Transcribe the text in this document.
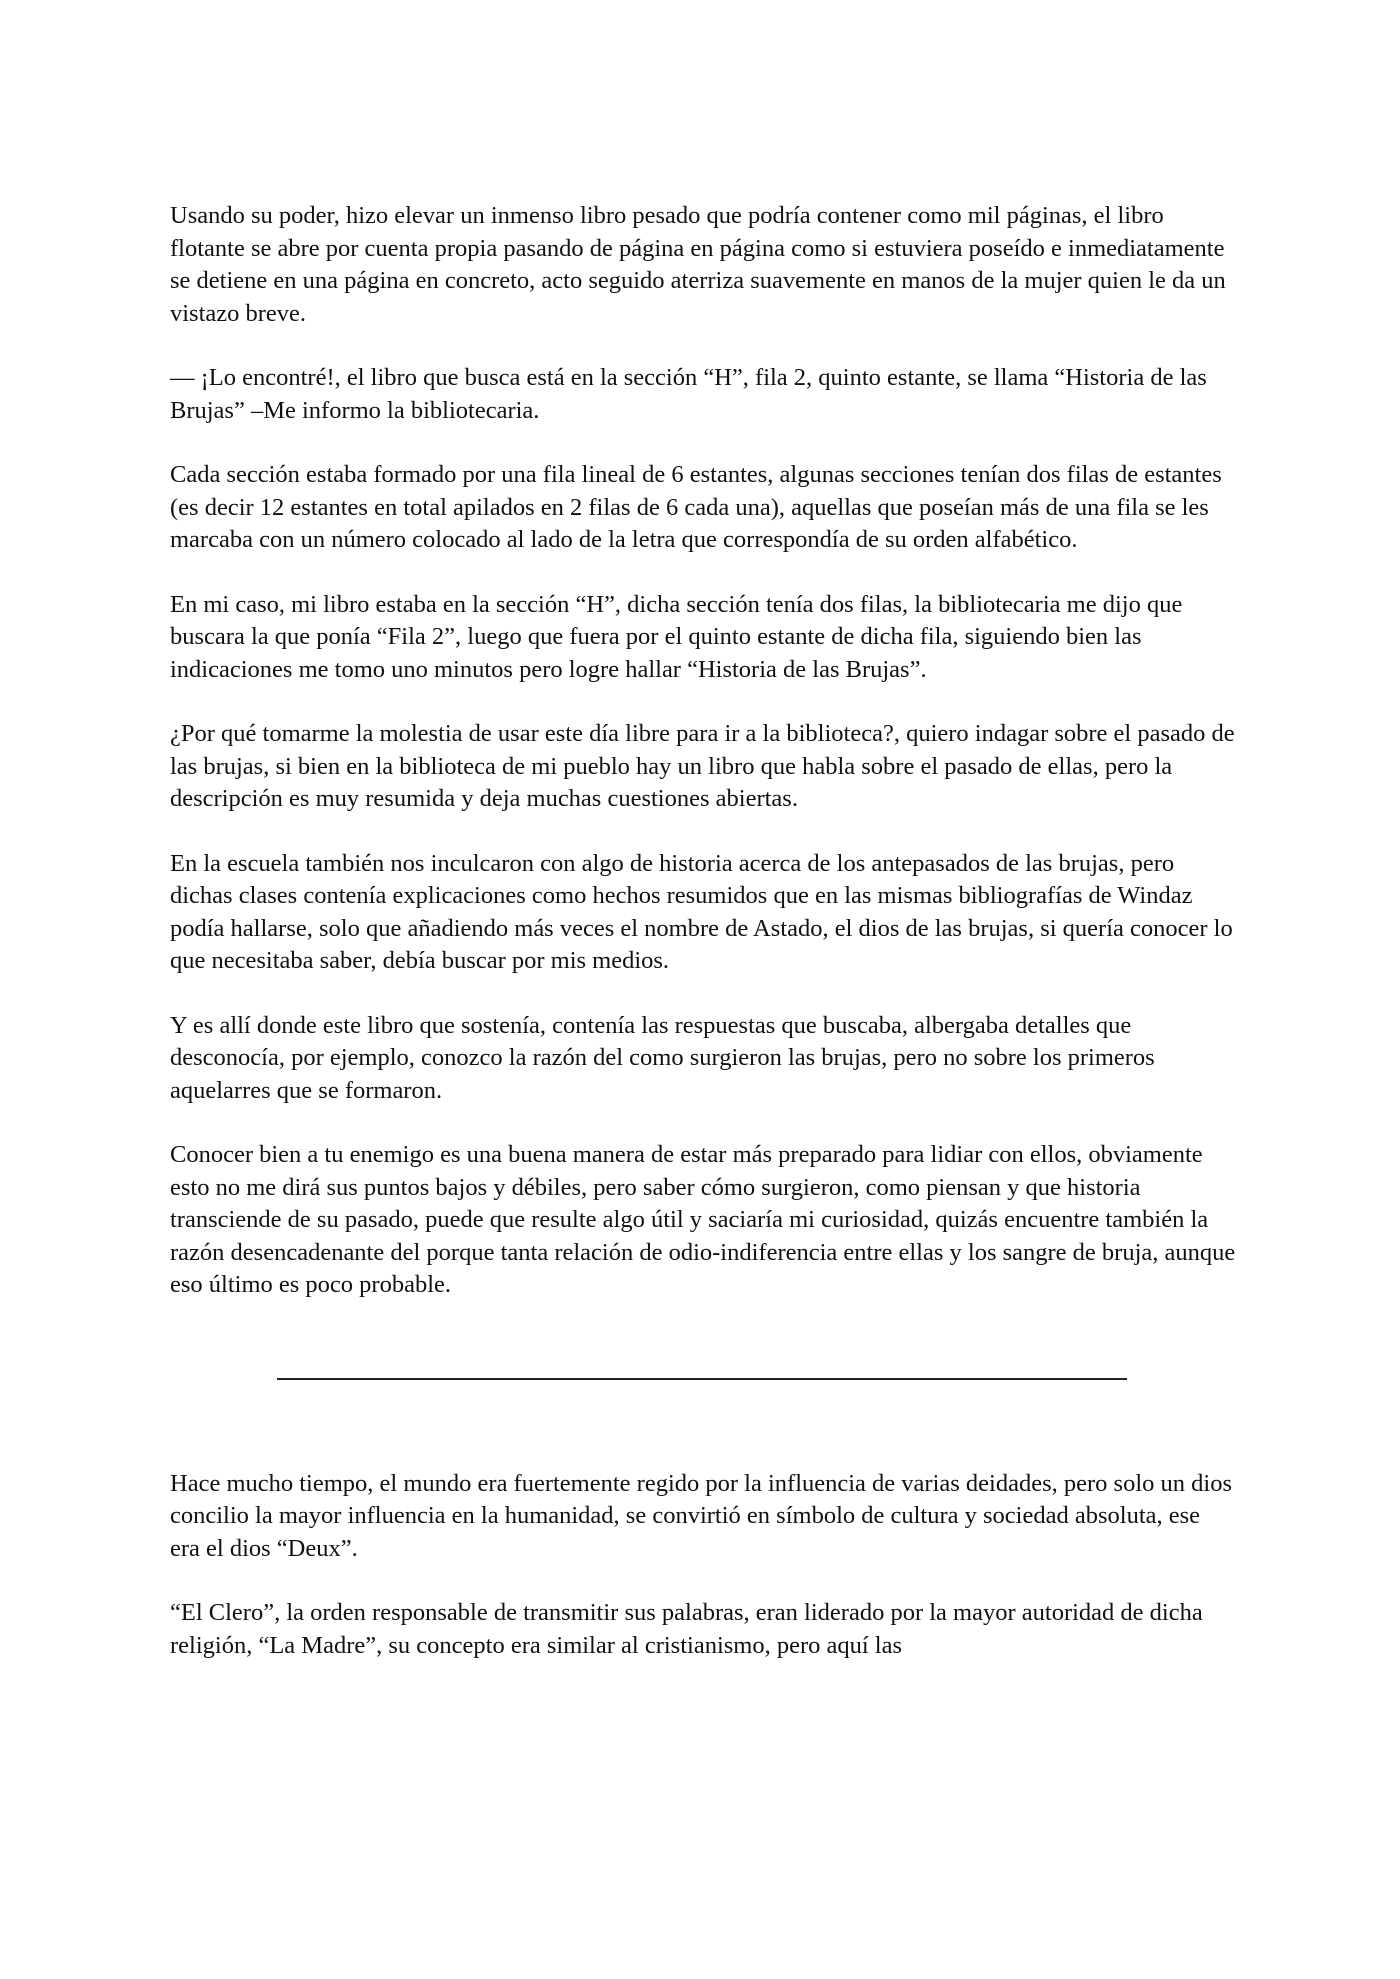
Usando su poder, hizo elevar un inmenso libro pesado que podría contener como mil páginas, el libro flotante se abre por cuenta propia pasando de página en página como si estuviera poseído e inmediatamente se detiene en una página en concreto, acto seguido aterriza suavemente en manos de la mujer quien le da un vistazo breve.

— ¡Lo encontré!, el libro que busca está en la sección “H”, fila 2, quinto estante, se llama “Historia de las Brujas” –Me informo la bibliotecaria.

Cada sección estaba formado por una fila lineal de 6 estantes, algunas secciones tenían dos filas de estantes (es decir 12 estantes en total apilados en 2 filas de 6 cada una), aquellas que poseían más de una fila se les marcaba con un número colocado al lado de la letra que correspondía de su orden alfabético.

En mi caso, mi libro estaba en la sección “H”, dicha sección tenía dos filas, la bibliotecaria me dijo que buscara la que ponía “Fila 2”, luego que fuera por el quinto estante de dicha fila, siguiendo bien las indicaciones me tomo uno minutos pero logre hallar “Historia de las Brujas”.

¿Por qué tomarme la molestia de usar este día libre para ir a la biblioteca?, quiero indagar sobre el pasado de las brujas, si bien en la biblioteca de mi pueblo hay un libro que habla sobre el pasado de ellas, pero la descripción es muy resumida y deja muchas cuestiones abiertas.

En la escuela también nos inculcaron con algo de historia acerca de los antepasados de las brujas, pero dichas clases contenía explicaciones como hechos resumidos que en las mismas bibliografías de Windaz podía hallarse, solo que añadiendo más veces el nombre de Astado, el dios de las brujas, si quería conocer lo que necesitaba saber, debía buscar por mis medios.

Y es allí donde este libro que sostenía, contenía las respuestas que buscaba, albergaba detalles que desconocía, por ejemplo, conozco la razón del como surgieron las brujas, pero no sobre los primeros aquelarres que se formaron.

Conocer bien a tu enemigo es una buena manera de estar más preparado para lidiar con ellos, obviamente esto no me dirá sus puntos bajos y débiles, pero saber cómo surgieron, como piensan y que historia transciende de su pasado, puede que resulte algo útil y saciaría mi curiosidad, quizás encuentre también la razón desencadenante del porque tanta relación de odio-indiferencia entre ellas y los sangre de bruja, aunque eso último es poco probable.

Hace mucho tiempo, el mundo era fuertemente regido por la influencia de varias deidades, pero solo un dios concilio la mayor influencia en la humanidad, se convirtió en símbolo de cultura y sociedad absoluta, ese era el dios “Deux”.

“El Clero”, la orden responsable de transmitir sus palabras, eran liderado por la mayor autoridad de dicha religión, “La Madre”, su concepto era similar al cristianismo, pero aquí las
